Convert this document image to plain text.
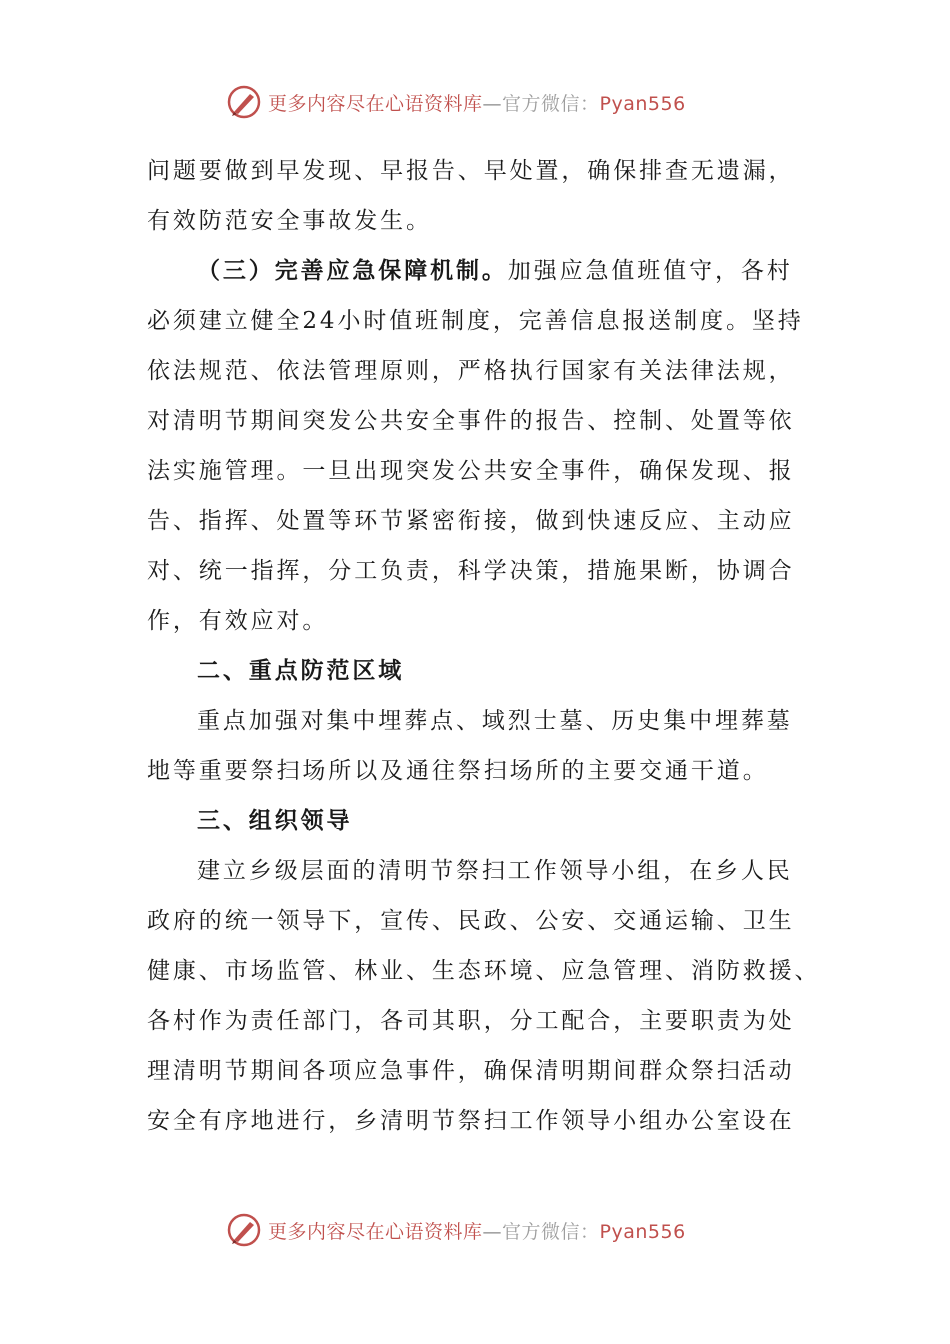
更多内容尽在心语资料库—官方微信：Pyan556
问题要做到早发现、早报告、早处置，确保排查无遗漏，
有效防范安全事故发生。
（三）完善应急保障机制。加强应急值班值守，各村
必须建立健全24小时值班制度，完善信息报送制度。坚持
依法规范、依法管理原则，严格执行国家有关法律法规，
对清明节期间突发公共安全事件的报告、控制、处置等依
法实施管理。一旦出现突发公共安全事件，确保发现、报
告、指挥、处置等环节紧密衔接，做到快速反应、主动应
对、统一指挥，分工负责，科学决策，措施果断，协调合
作，有效应对。
二、重点防范区域
重点加强对集中埋葬点、域烈士墓、历史集中埋葬墓
地等重要祭扫场所以及通往祭扫场所的主要交通干道。
三、组织领导
建立乡级层面的清明节祭扫工作领导小组，在乡人民
政府的统一领导下，宣传、民政、公安、交通运输、卫生
健康、市场监管、林业、生态环境、应急管理、消防救援、
各村作为责任部门，各司其职，分工配合，主要职责为处
理清明节期间各项应急事件，确保清明期间群众祭扫活动
安全有序地进行，乡清明节祭扫工作领导小组办公室设在
更多内容尽在心语资料库—官方微信：Pyan556
